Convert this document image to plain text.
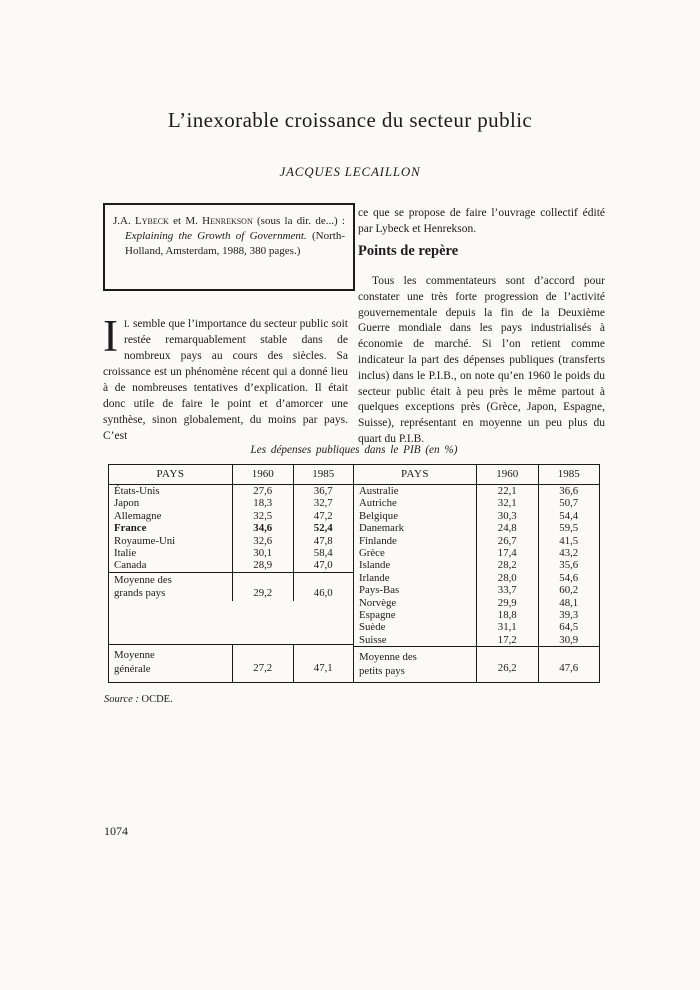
L’inexorable croissance du secteur public
JACQUES LECAILLON

J.A. Lybeck et M. Henrekson (sous la dir. de...) : Explaining the Growth of Government. (North-Holland, Amsterdam, 1988, 380 pages.)

ce que se propose de faire l’ouvrage collectif édité par Lybeck et Henrekson.

Points de repère

Tous les commentateurs sont d’accord pour constater une très forte progression de l’activité gouvernementale depuis la fin de la Deuxième Guerre mondiale dans les pays industrialisés à économie de marché. Si l’on retient comme indicateur la part des dépenses publiques (transferts inclus) dans le P.I.B., on note qu’en 1960 le poids du secteur public était à peu près le même partout à quelques exceptions près (Grèce, Japon, Espagne, Suisse), représentant en moyenne un peu plus du quart du P.I.B.

I L semble que l’importance du secteur public soit restée remarquablement stable dans de nombreux pays au cours des siècles. Sa croissance est un phénomène récent qui a donné lieu à de nombreuses tentatives d’explication. Il était donc utile de faire le point et d’amorcer une synthèse, sinon globalement, du moins par pays. C’est

Les dépenses publiques dans le PIB (en %)
PAYS	1960	1985
États-Unis	27,6	36,7
Japon	18,3	32,7
Allemagne	32,5	47,2
France	34,6	52,4
Royaume-Uni	32,6	47,8
Italie	30,1	58,4
Canada	28,9	47,0
Moyenne des
grands pays	29,2	46,0
Moyenne
générale	27,2	47,1
PAYS	1960	1985
Australie	22,1	36,6
Autriche	32,1	50,7
Belgique	30,3	54,4
Danemark	24,8	59,5
Finlande	26,7	41,5
Grèce	17,4	43,2
Islande	28,2	35,6
Irlande	28,0	54,6
Pays-Bas	33,7	60,2
Norvège	29,9	48,1
Espagne	18,8	39,3
Suède	31,1	64,5
Suisse	17,2	30,9
Moyenne des
petits pays	26,2	47,6
Source : OCDE.
1074
